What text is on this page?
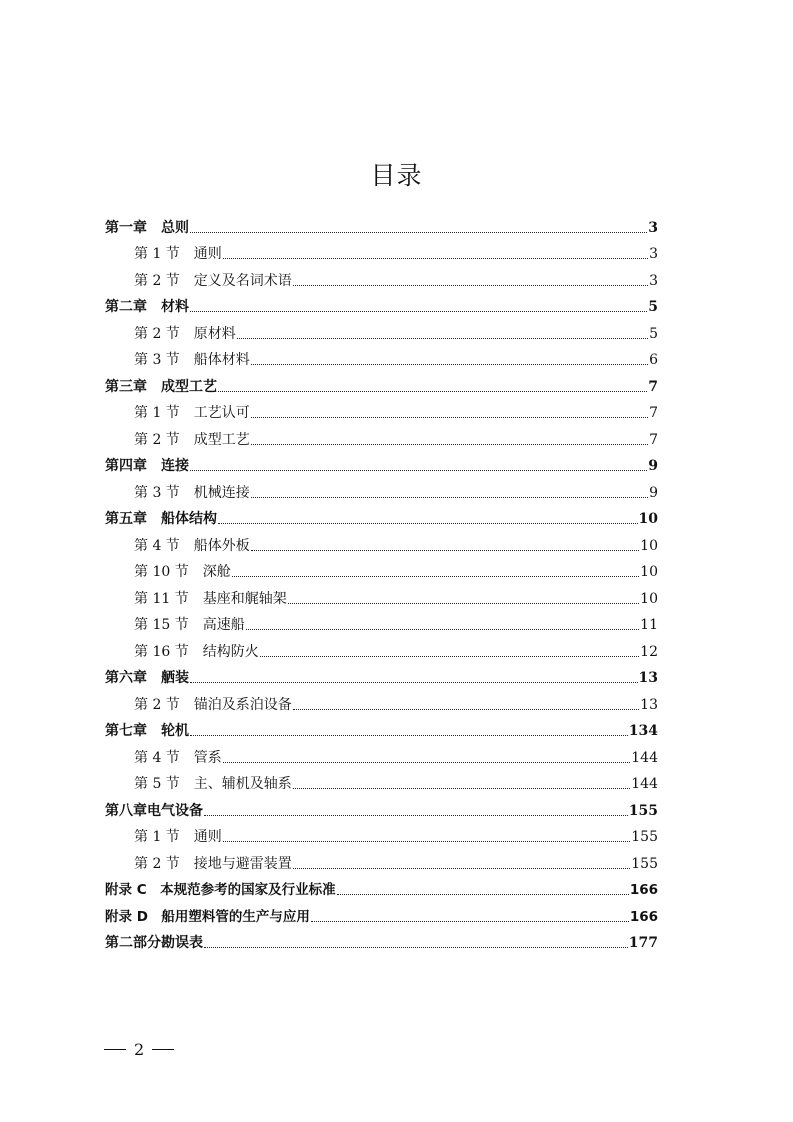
目录
第一章　总则	3
第 1 节　通则	3
第 2 节　定义及名词术语	3
第二章　材料	5
第 2 节　原材料	5
第 3 节　船体材料	6
第三章　成型工艺	7
第 1 节　工艺认可	7
第 2 节　成型工艺	7
第四章　连接	9
第 3 节　机械连接	9
第五章　船体结构	10
第 4 节　船体外板	10
第 10 节　深舱	10
第 11 节　基座和艉轴架	10
第 15 节　高速船	11
第 16 节　结构防火	12
第六章　舾装	13
第 2 节　锚泊及系泊设备	13
第七章　轮机	134
第 4 节　管系	144
第 5 节　主、辅机及轴系	144
第八章电气设备	155
第 1 节　通则	155
第 2 节　接地与避雷装置	155
附录 C　本规范参考的国家及行业标准	166
附录 D　船用塑料管的生产与应用	166
第二部分勘误表	177
2
